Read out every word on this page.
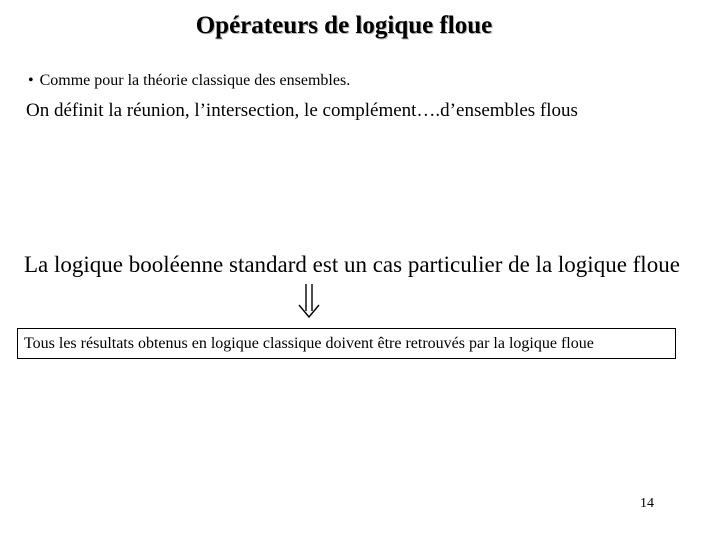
Opérateurs de logique floue
• Comme pour la théorie classique des ensembles.
On définit la réunion, l’intersection, le complément….d’ensembles flous
La logique booléenne standard est un cas particulier de la logique floue
Tous les résultats obtenus en logique classique doivent être retrouvés par la logique floue
14
